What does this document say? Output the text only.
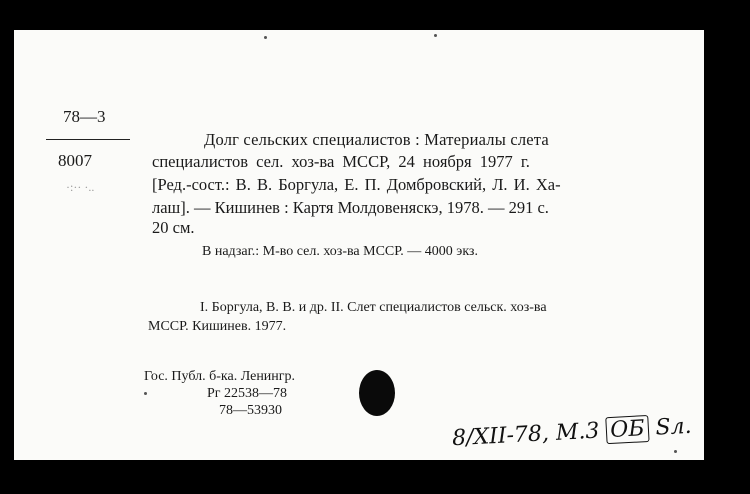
78—3
8007
·:·· ·..
Долг сельских специалистов : Материалы слета
специалистов сел. хоз-ва МССР, 24 ноября 1977 г.
[Ред.-сост.: В. В. Боргула, Е. П. Домбровский, Л. И. Ха-
лаш]. — Кишинев : Картя Молдовеняскэ, 1978. — 291 с.
20 см.
В надзаг.: М-во сел. хоз-ва МССР. — 4000 экз.
I. Боргула, В. В. и др. II. Слет специалистов сельск. хоз-ва
МССР. Кишинев. 1977.
Гос. Публ. б-ка. Ленингр.
Рг 22538—78
78—53930
8/XII-78, М.3 ОБ Sл.
